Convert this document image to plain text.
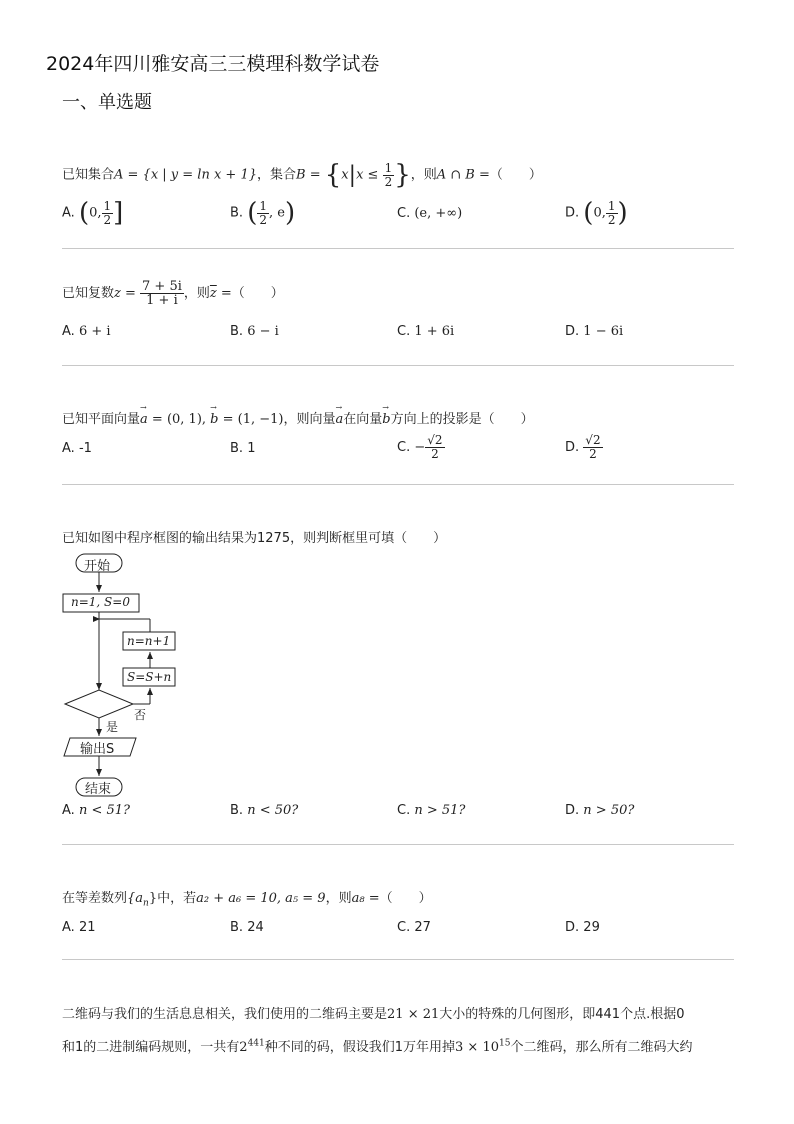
2024年四川雅安高三三模理科数学试卷
一、单选题
已知集合A = {x | y = ln x + 1}，集合$B = \{x|x \le \frac{1}{2}$ }，则A ∩ B =（　　）
A. (0, $\frac{1}{2}$ ]	B. ( $\frac{1}{2}$ , e)	C. (e, +∞)	D. (0, $\frac{1}{2}$ )
已知复数$z = \frac{7 + 5i}{1 + i}$ ，则$\overline{z}$ =（　　）
A. 6 + i	B. 6 − i	C. 1 + 6i	D. 1 − 6i
已知平面向量→ a = (0, 1), → b = (1, −1)，则向量→ a在向量→ b方向上的投影是（　　）
A. -1	B. 1	C. − $\frac{√2}{2}$	D. $\frac{√2}{2}$
已知如图中程序框图的输出结果为1275，则判断框里可填（　　）
开始
n=1, S=0
n=n+1
S=S+n
是
否
输出S
结束
A. n < 51?	B. n < 50?	C. n > 51?	D. n > 50?
在等差数列$\{a_n\}$中，若a₂ + a₆ = 10, a₅ = 9，则a₈ =（　　）
A. 21	B. 24	C. 27	D. 29
二维码与我们的生活息息相关，我们使用的二维码主要是21 × 21大小的特殊的几何图形，即441个点.根据0
和1的二进制编码规则，一共有$2^{441}$种不同的码，假设我们1万年用掉$3 \times 10^{15}$个二维码，那么所有二维码大约
